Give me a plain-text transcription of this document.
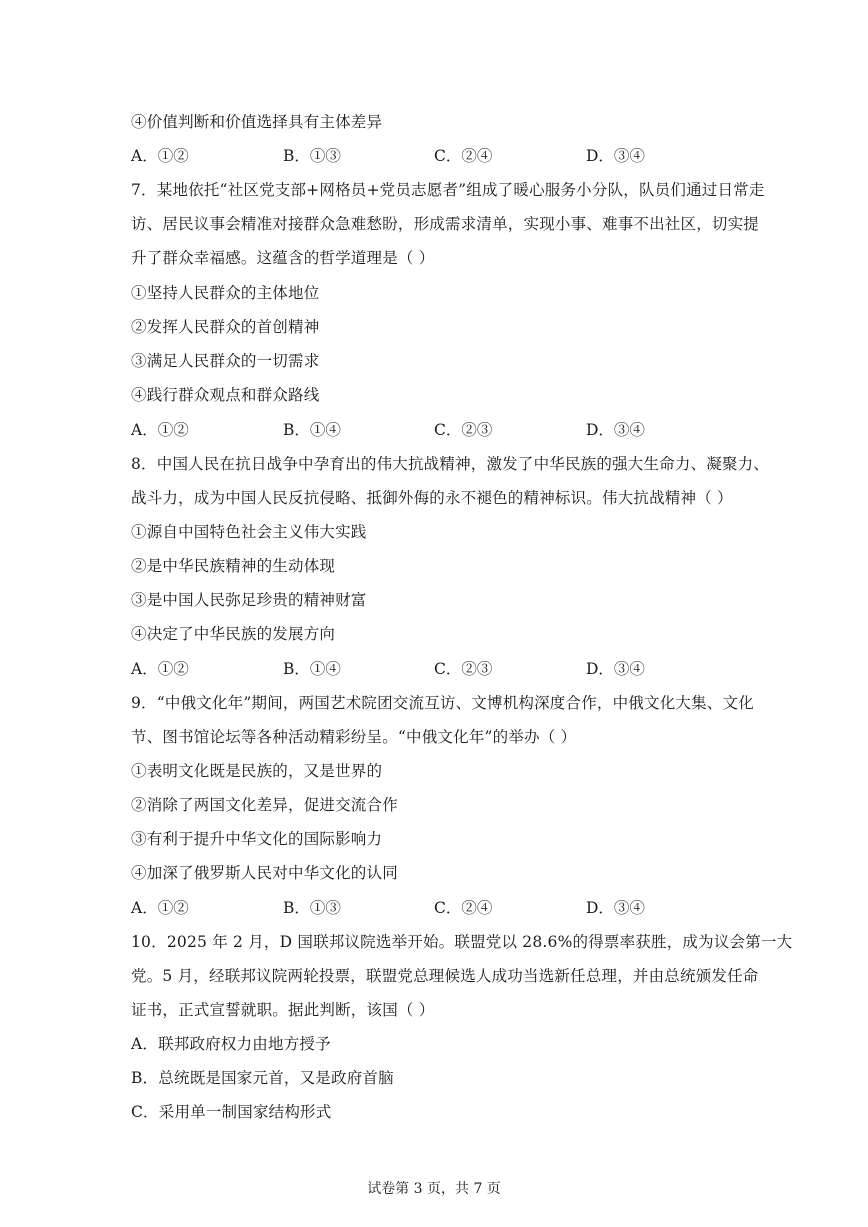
④价值判断和价值选择具有主体差异
A．①②	B．①③	C．②④	D．③④
7．某地依托“社区党支部+网格员+党员志愿者”组成了暖心服务小分队，队员们通过日常走
访、居民议事会精准对接群众急难愁盼，形成需求清单，实现小事、难事不出社区，切实提
升了群众幸福感。这蕴含的哲学道理是（ ）
①坚持人民群众的主体地位
②发挥人民群众的首创精神
③满足人民群众的一切需求
④践行群众观点和群众路线
A．①②	B．①④	C．②③	D．③④
8．中国人民在抗日战争中孕育出的伟大抗战精神，激发了中华民族的强大生命力、凝聚力、
战斗力，成为中国人民反抗侵略、抵御外侮的永不褪色的精神标识。伟大抗战精神（ ）
①源自中国特色社会主义伟大实践
②是中华民族精神的生动体现
③是中国人民弥足珍贵的精神财富
④决定了中华民族的发展方向
A．①②	B．①④	C．②③	D．③④
9．“中俄文化年”期间，两国艺术院团交流互访、文博机构深度合作，中俄文化大集、文化
节、图书馆论坛等各种活动精彩纷呈。“中俄文化年”的举办（ ）
①表明文化既是民族的，又是世界的
②消除了两国文化差异，促进交流合作
③有利于提升中华文化的国际影响力
④加深了俄罗斯人民对中华文化的认同
A．①②	B．①③	C．②④	D．③④
10．2025 年 2 月，D 国联邦议院选举开始。联盟党以 28.6%的得票率获胜，成为议会第一大
党。5 月，经联邦议院两轮投票，联盟党总理候选人成功当选新任总理，并由总统颁发任命
证书，正式宣誓就职。据此判断，该国（ ）
A．联邦政府权力由地方授予
B．总统既是国家元首，又是政府首脑
C．采用单一制国家结构形式
试卷第 3 页，共 7 页
